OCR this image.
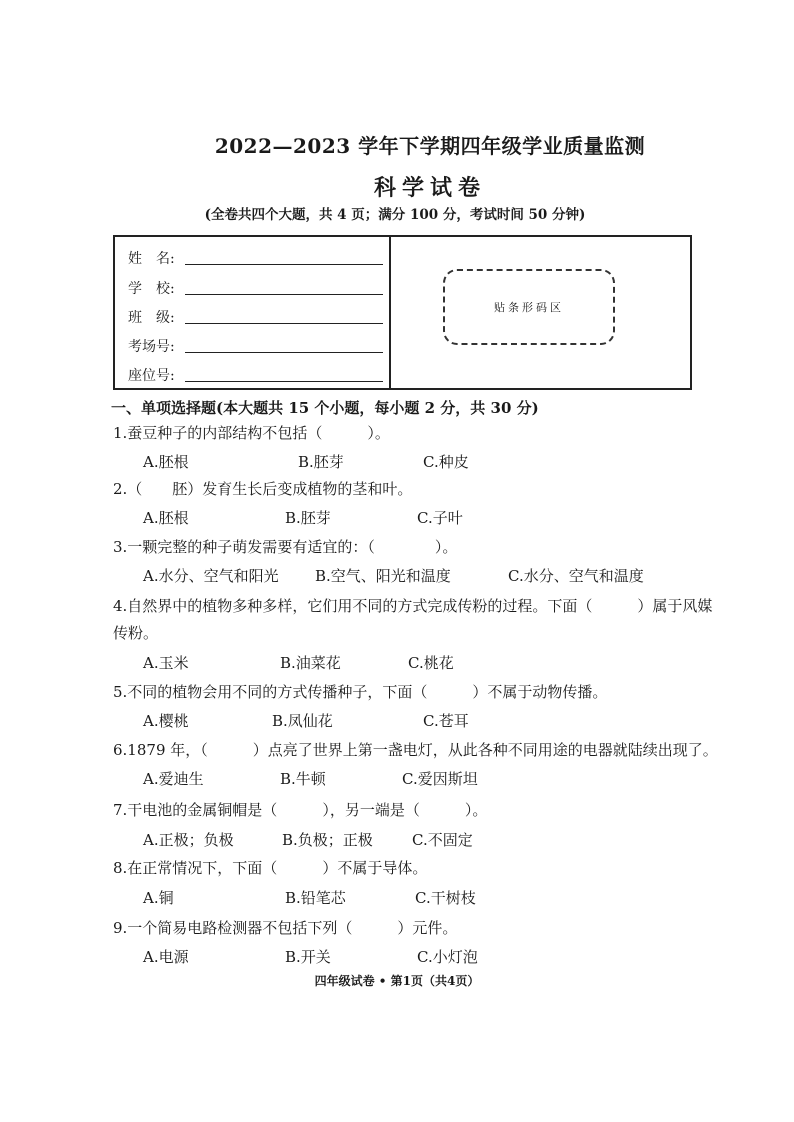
2022—2023 学年下学期四年级学业质量监测
科学试卷
(全卷共四个大题，共 4 页；满分 100 分，考试时间 50 分钟)
姓　名:
学　校:
班　级:
考场号:
座位号:
贴条形码区
一、单项选择题(本大题共 15 个小题，每小题 2 分，共 30 分)
1.蚕豆种子的内部结构不包括（　　　）。
A.胚根	B.胚芽	C.种皮
2.（　　胚）发育生长后变成植物的茎和叶。
A.胚根	B.胚芽	C.子叶
3.一颗完整的种子萌发需要有适宜的：（　　　　）。
A.水分、空气和阳光 B.空气、阳光和温度	C.水分、空气和温度
4.自然界中的植物多种多样，它们用不同的方式完成传粉的过程。下面（　　　）属于风媒
传粉。
A.玉米	B.油菜花	C.桃花
5.不同的植物会用不同的方式传播种子，下面（　　　）不属于动物传播。
A.樱桃	B.凤仙花	C.苍耳
6.1879 年，（　　　）点亮了世界上第一盏电灯，从此各种不同用途的电器就陆续出现了。
A.爱迪生	B.牛顿	C.爱因斯坦
7.干电池的金属铜帽是（　　　），另一端是（　　　）。
A.正极；负极	B.负极；正极	C.不固定
8.在正常情况下，下面（　　　）不属于导体。
A.铜	B.铅笔芯	C.干树枝
9.一个简易电路检测器不包括下列（　　　）元件。
A.电源	B.开关	C.小灯泡
四年级试卷 • 第1页（共4页）
